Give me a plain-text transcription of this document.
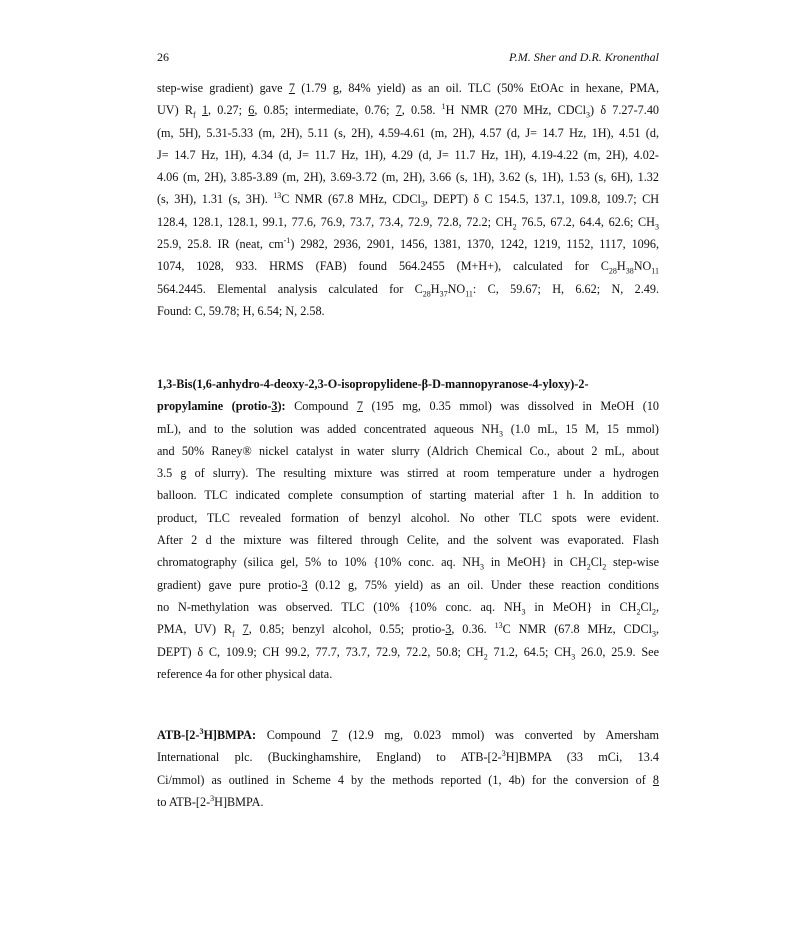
26	P.M. Sher and D.R. Kronenthal
step-wise gradient) gave 7 (1.79 g, 84% yield) as an oil. TLC (50% EtOAc in hexane, PMA,
UV) $R_f$ 1, 0.27; 6, 0.85; intermediate, 0.76; 7, 0.58. $^1$H NMR (270 MHz, CDCl$_3$) δ 7.27-7.40
(m, 5H), 5.31-5.33 (m, 2H), 5.11 (s, 2H), 4.59-4.61 (m, 2H), 4.57 (d, J= 14.7 Hz, 1H), 4.51 (d,
J= 14.7 Hz, 1H), 4.34 (d, J= 11.7 Hz, 1H), 4.29 (d, J= 11.7 Hz, 1H), 4.19-4.22 (m, 2H), 4.02-
4.06 (m, 2H), 3.85-3.89 (m, 2H), 3.69-3.72 (m, 2H), 3.66 (s, 1H), 3.62 (s, 1H), 1.53 (s, 6H), 1.32
(s, 3H), 1.31 (s, 3H). $^{13}$C NMR (67.8 MHz, CDCl$_3$, DEPT) δ C 154.5, 137.1, 109.8, 109.7; CH
128.4, 128.1, 128.1, 99.1, 77.6, 76.9, 73.7, 73.4, 72.9, 72.8, 72.2; $CH_2$ 76.5, 67.2, 64.4, 62.6; $CH_3$
25.9, 25.8. IR (neat, $cm^{-1}$) 2982, 2936, 2901, 1456, 1381, 1370, 1242, 1219, 1152, 1117, 1096,
1074, 1028, 933. HRMS (FAB) found 564.2455 (M+H+), calculated for $C_{28}H_{38}NO_{11}$
564.2445. Elemental analysis calculated for $C_{28}H_{37}NO_{11}$: C, 59.67; H, 6.62; N, 2.49.
Found: C, 59.78; H, 6.54; N, 2.58.
1,3-Bis(1,6-anhydro-4-deoxy-2,3-O-isopropylidene-β-D-mannopyranose-4-yloxy)-2-
propylamine (protio-3): Compound 7 (195 mg, 0.35 mmol) was dissolved in MeOH (10
mL), and to the solution was added concentrated aqueous $NH_3$ (1.0 mL, 15 M, 15 mmol)
and 50% Raney® nickel catalyst in water slurry (Aldrich Chemical Co., about 2 mL, about
3.5 g of slurry). The resulting mixture was stirred at room temperature under a hydrogen
balloon. TLC indicated complete consumption of starting material after 1 h. In addition to
product, TLC revealed formation of benzyl alcohol. No other TLC spots were evident.
After 2 d the mixture was filtered through Celite, and the solvent was evaporated. Flash
chromatography (silica gel, 5% to 10% {10% conc. aq. $NH_3$ in MeOH} in $CH_2Cl_2$ step-wise
gradient) gave pure protio-3 (0.12 g, 75% yield) as an oil. Under these reaction conditions
no N-methylation was observed. TLC (10% {10% conc. aq. $NH_3$ in MeOH} in $CH_2Cl_2$,
PMA, UV) $R_f$ 7, 0.85; benzyl alcohol, 0.55; protio-3, 0.36. $^{13}$C NMR (67.8 MHz, CDCl$_3$,
DEPT) δ C, 109.9; CH 99.2, 77.7, 73.7, 72.9, 72.2, 50.8; $CH_2$ 71.2, 64.5; $CH_3$ 26.0, 25.9. See
reference 4a for other physical data.
ATB-[2-$^3$H]BMPA: Compound 7 (12.9 mg, 0.023 mmol) was converted by Amersham
International plc. (Buckinghamshire, England) to ATB-[2-$^3$H]BMPA (33 mCi, 13.4
Ci/mmol) as outlined in Scheme 4 by the methods reported (1, 4b) for the conversion of 8
to ATB-[2-$^3$H]BMPA.
